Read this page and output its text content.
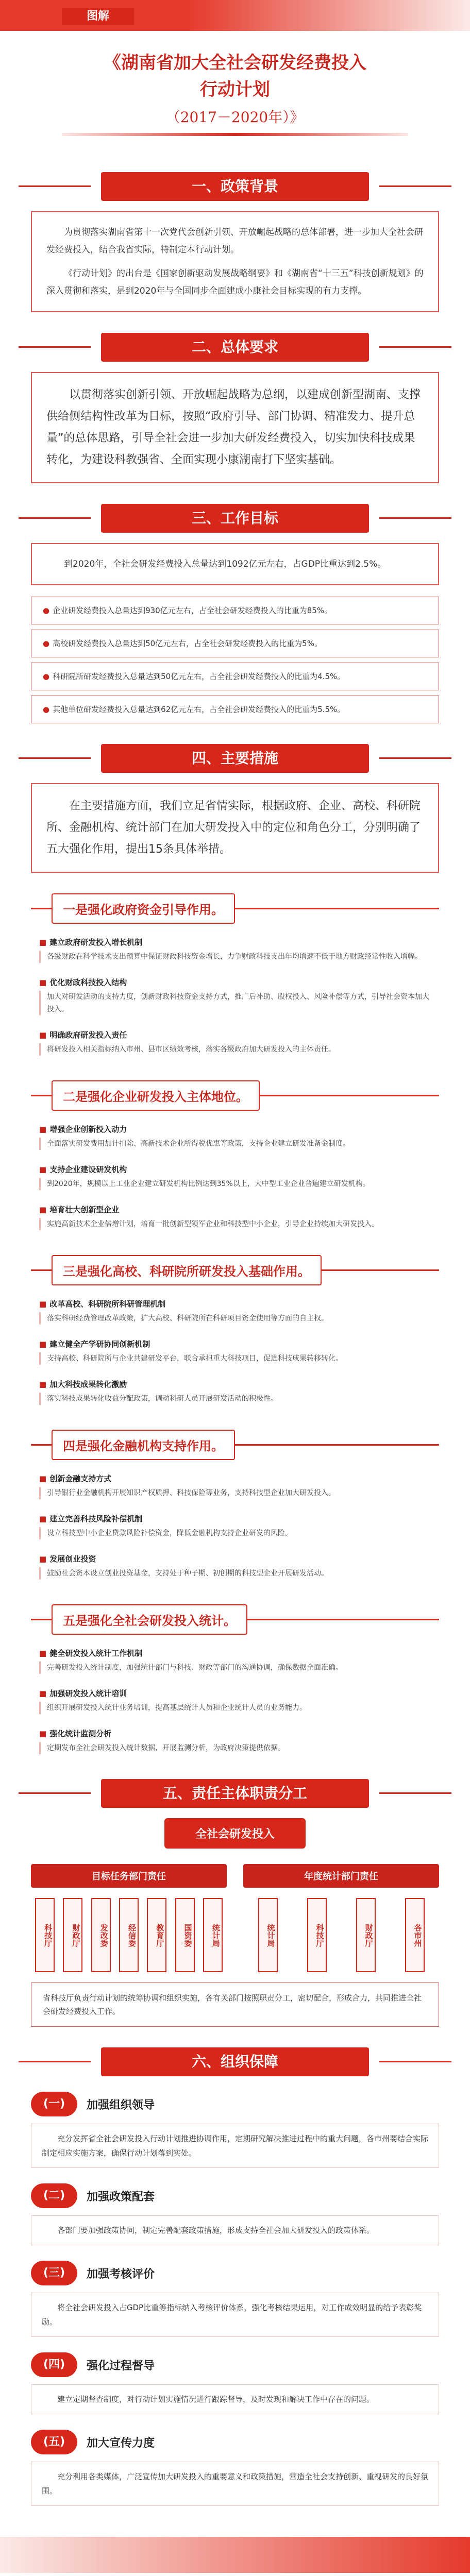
图解
《湖南省加大全社会研发经费投入
行动计划
（2017－2020年）》
一、政策背景

为贯彻落实湖南省第十一次党代会创新引领、开放崛起战略的总体部署，进一步加大全社会研发经费投入，结合我省实际，特制定本行动计划。

《行动计划》的出台是《国家创新驱动发展战略纲要》和《湖南省“十三五”科技创新规划》的深入贯彻和落实，是到2020年与全国同步全面建成小康社会目标实现的有力支撑。

二、总体要求

以贯彻落实创新引领、开放崛起战略为总纲，以建成创新型湖南、支撑供给侧结构性改革为目标，按照“政府引导、部门协调、精准发力、提升总量”的总体思路，引导全社会进一步加大研发经费投入，切实加快科技成果转化，为建设科教强省、全面实现小康湖南打下坚实基础。

三、工作目标

到2020年，全社会研发经费投入总量达到1092亿元左右，占GDP比重达到2.5%。

● 企业研发经费投入总量达到930亿元左右，占全社会研发经费投入的比重为85%。
● 高校研发经费投入总量达到50亿元左右，占全社会研发经费投入的比重为5%。
● 科研院所研发经费投入总量达到50亿元左右，占全社会研发经费投入的比重为4.5%。
● 其他单位研发经费投入总量达到62亿元左右，占全社会研发经费投入的比重为5.5%。
四、主要措施

在主要措施方面，我们立足省情实际，根据政府、企业、高校、科研院所、金融机构、统计部门在加大研发投入中的定位和角色分工，分别明确了五大强化作用，提出15条具体举措。

一是强化政府资金引导作用。
■ 建立政府研发投入增长机制
各级财政在科学技术支出预算中保证财政科技资金增长，力争财政科技支出年均增速不低于地方财政经常性收入增幅。
■ 优化财政科技投入结构
加大对研发活动的支持力度，创新财政科技资金支持方式，推广后补助、股权投入、风险补偿等方式，引导社会资本加大投入。
■ 明确政府研发投入责任
将研发投入相关指标纳入市州、县市区绩效考核，落实各级政府加大研发投入的主体责任。
二是强化企业研发投入主体地位。
■ 增强企业创新投入动力
全面落实研发费用加计扣除、高新技术企业所得税优惠等政策，支持企业建立研发准备金制度。
■ 支持企业建设研发机构
到2020年，规模以上工业企业建立研发机构比例达到35%以上，大中型工业企业普遍建立研发机构。
■ 培育壮大创新型企业
实施高新技术企业倍增计划，培育一批创新型领军企业和科技型中小企业，引导企业持续加大研发投入。
三是强化高校、科研院所研发投入基础作用。
■ 改革高校、科研院所科研管理机制
落实科研经费管理改革政策，扩大高校、科研院所在科研项目资金使用等方面的自主权。
■ 建立健全产学研协同创新机制
支持高校、科研院所与企业共建研发平台，联合承担重大科技项目，促进科技成果转移转化。
■ 加大科技成果转化激励
落实科技成果转化收益分配政策，调动科研人员开展研发活动的积极性。
四是强化金融机构支持作用。
■ 创新金融支持方式
引导银行业金融机构开展知识产权质押、科技保险等业务，支持科技型企业加大研发投入。
■ 建立完善科技风险补偿机制
设立科技型中小企业贷款风险补偿资金，降低金融机构支持企业研发的风险。
■ 发展创业投资
鼓励社会资本设立创业投资基金，支持处于种子期、初创期的科技型企业开展研发活动。
五是强化全社会研发投入统计。
■ 健全研发投入统计工作机制
完善研发投入统计制度，加强统计部门与科技、财政等部门的沟通协调，确保数据全面准确。
■ 加强研发投入统计培训
组织开展研发投入统计业务培训，提高基层统计人员和企业统计人员的业务能力。
■ 强化统计监测分析
定期发布全社会研发投入统计数据，开展监测分析，为政府决策提供依据。
五、责任主体职责分工
全社会研发投入
目标任务部门责任
科技厅	财政厅	发改委	经信委	教育厅	国资委	统计局
年度统计部门责任
统计局	科技厅	财政厅	各市州
省科技厅负责行动计划的统筹协调和组织实施，各有关部门按照职责分工，密切配合，形成合力，共同推进全社会研发经费投入工作。
六、组织保障
(一)	加强组织领导
充分发挥省全社会研发投入行动计划推进协调作用，定期研究解决推进过程中的重大问题，各市州要结合实际制定相应实施方案，确保行动计划落到实处。
(二)	加强政策配套
各部门要加强政策协同，制定完善配套政策措施，形成支持全社会加大研发投入的政策体系。
(三)	加强考核评价
将全社会研发投入占GDP比重等指标纳入考核评价体系，强化考核结果运用，对工作成效明显的给予表彰奖励。
(四)	强化过程督导
建立定期督查制度，对行动计划实施情况进行跟踪督导，及时发现和解决工作中存在的问题。
(五)	加大宣传力度
充分利用各类媒体，广泛宣传加大研发投入的重要意义和政策措施，营造全社会支持创新、重视研发的良好氛围。
